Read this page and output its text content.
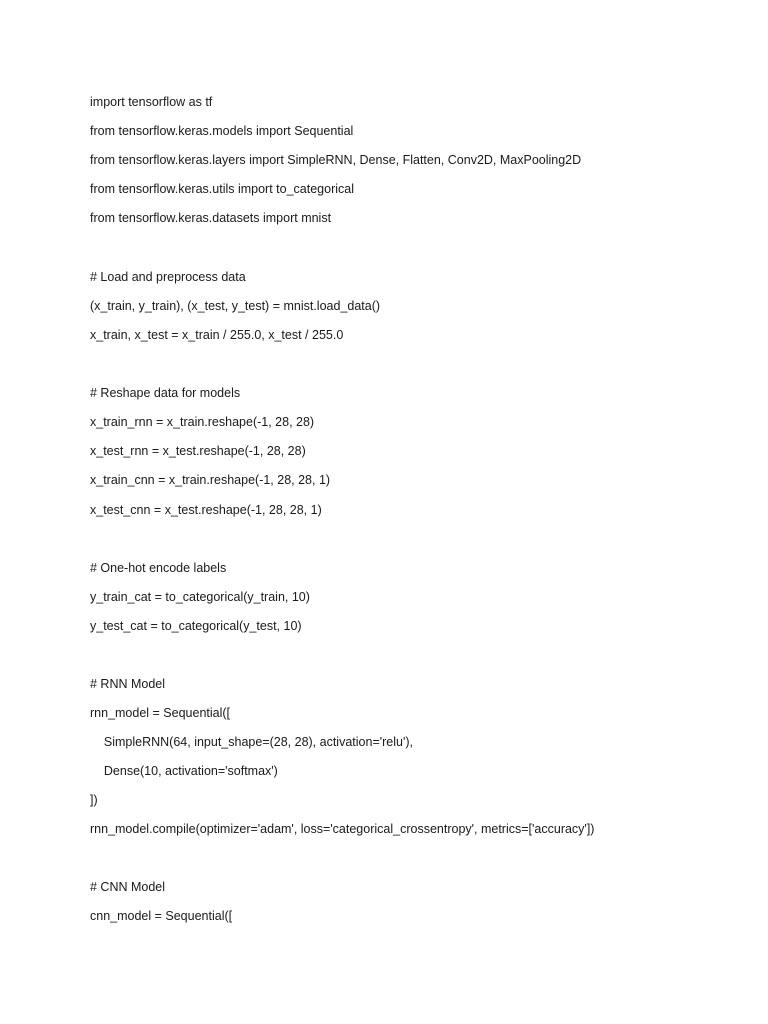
import tensorflow as tf
from tensorflow.keras.models import Sequential
from tensorflow.keras.layers import SimpleRNN, Dense, Flatten, Conv2D, MaxPooling2D
from tensorflow.keras.utils import to_categorical
from tensorflow.keras.datasets import mnist
# Load and preprocess data
(x_train, y_train), (x_test, y_test) = mnist.load_data()
x_train, x_test = x_train / 255.0, x_test / 255.0
# Reshape data for models
x_train_rnn = x_train.reshape(-1, 28, 28)
x_test_rnn = x_test.reshape(-1, 28, 28)
x_train_cnn = x_train.reshape(-1, 28, 28, 1)
x_test_cnn = x_test.reshape(-1, 28, 28, 1)
# One-hot encode labels
y_train_cat = to_categorical(y_train, 10)
y_test_cat = to_categorical(y_test, 10)
# RNN Model
rnn_model = Sequential([
SimpleRNN(64, input_shape=(28, 28), activation='relu'),
Dense(10, activation='softmax')
])
rnn_model.compile(optimizer='adam', loss='categorical_crossentropy', metrics=['accuracy'])
# CNN Model
cnn_model = Sequential([
